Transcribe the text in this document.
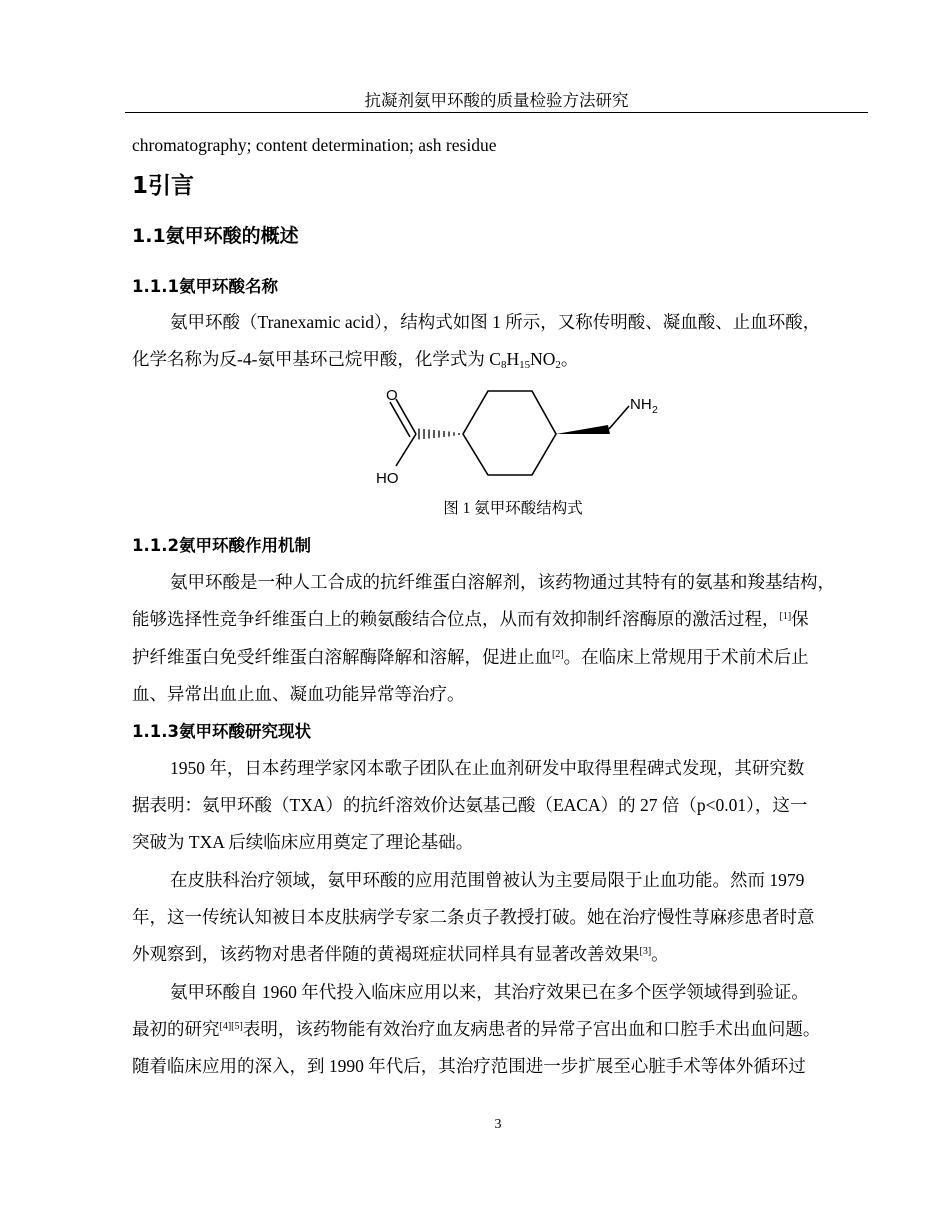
抗凝剂氨甲环酸的质量检验方法研究
chromatography; content determination; ash residue
1引言
1.1氨甲环酸的概述
1.1.1氨甲环酸名称
氨甲环酸（Tranexamic acid），结构式如图 1 所示，又称传明酸、凝血酸、止血环酸，
化学名称为反-4-氨甲基环己烷甲酸，化学式为 $C_8H_{15}NO_2$。
O
HO
NH 2
图 1 氨甲环酸结构式
1.1.2氨甲环酸作用机制
氨甲环酸是一种人工合成的抗纤维蛋白溶解剂，该药物通过其特有的氨基和羧基结构，
能够选择性竞争纤维蛋白上的赖氨酸结合位点，从而有效抑制纤溶酶原的激活过程，[1]保
护纤维蛋白免受纤维蛋白溶解酶降解和溶解，促进止血[2]。在临床上常规用于术前术后止
血、异常出血止血、凝血功能异常等治疗。
1.1.3氨甲环酸研究现状
1950 年，日本药理学家冈本歌子团队在止血剂研发中取得里程碑式发现，其研究数
据表明：氨甲环酸（TXA）的抗纤溶效价达氨基己酸（EACA）的 27 倍（p<0.01），这一
突破为 TXA 后续临床应用奠定了理论基础。
在皮肤科治疗领域，氨甲环酸的应用范围曾被认为主要局限于止血功能。然而 1979
年，这一传统认知被日本皮肤病学专家二条贞子教授打破。她在治疗慢性荨麻疹患者时意
外观察到，该药物对患者伴随的黄褐斑症状同样具有显著改善效果[3]。
氨甲环酸自 1960 年代投入临床应用以来，其治疗效果已在多个医学领域得到验证。
最初的研究[4][5]表明，该药物能有效治疗血友病患者的异常子宫出血和口腔手术出血问题。
随着临床应用的深入，到 1990 年代后，其治疗范围进一步扩展至心脏手术等体外循环过
3
